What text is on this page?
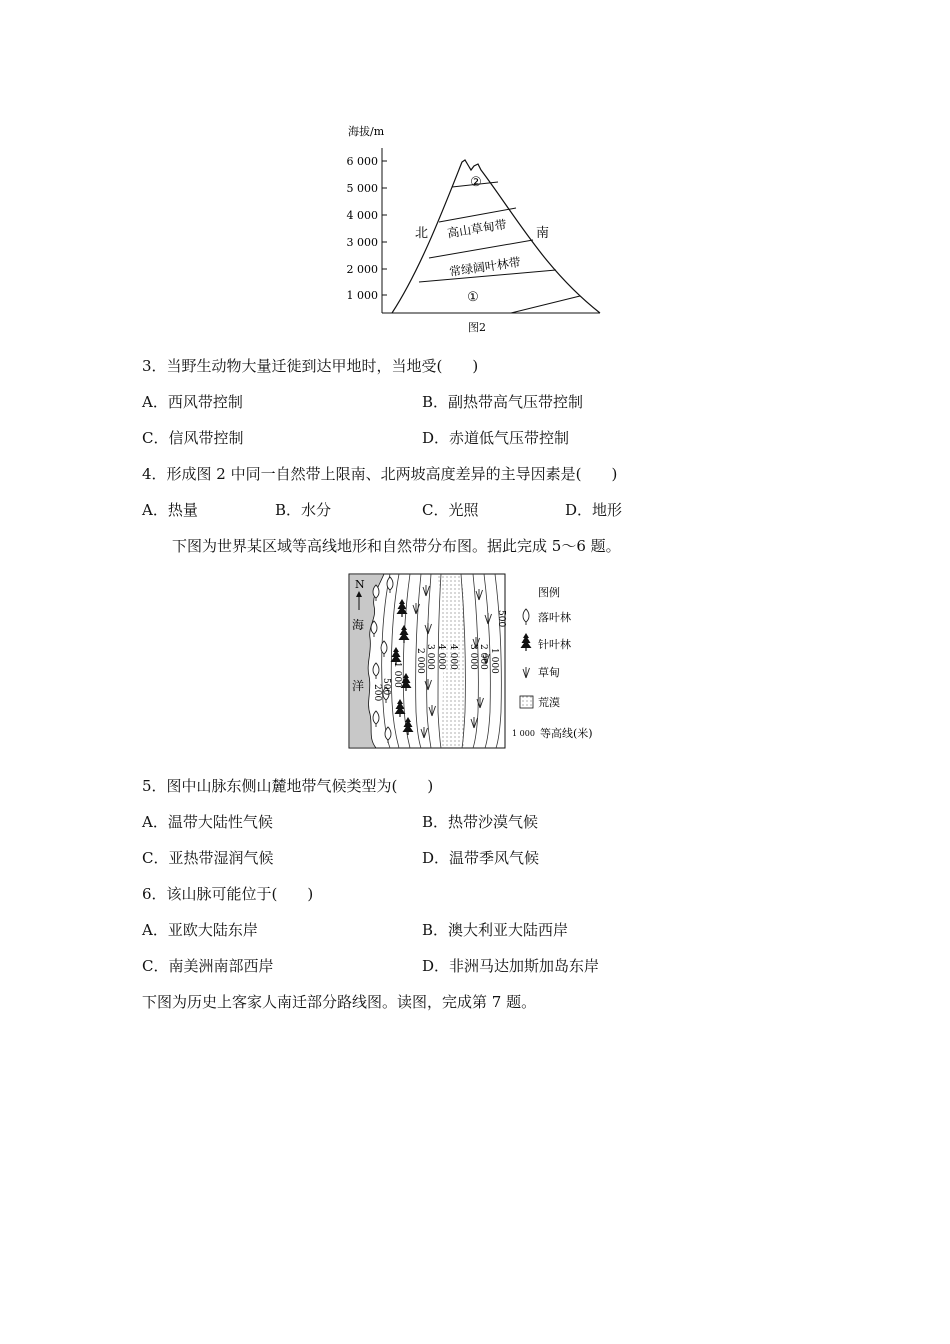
海拔/m
6 000
5 000
4 000
3 000
2 000
1 000
北	南
②
高山草甸带
常绿阔叶林带
①
图2
3．当野生动物大量迁徙到达甲地时，当地受(　　)
A．西风带控制	B．副热带高气压带控制
C．信风带控制	D．赤道低气压带控制
4．形成图 2 中同一自然带上限南、北两坡高度差异的主导因素是(　　)
A．热量	B．水分	C．光照	D．地形
下图为世界某区域等高线地形和自然带分布图。据此完成 5～6 题。
N
海
洋 200 500 1 000
2 000 3 000 4 000 4 000 3 000 2 000 1 000
500
图例
落叶林
针叶林
草甸
荒漠
1 000 等高线(米)
5．图中山脉东侧山麓地带气候类型为(　　)
A．温带大陆性气候	B．热带沙漠气候
C．亚热带湿润气候	D．温带季风气候
6．该山脉可能位于(　　)
A．亚欧大陆东岸	B．澳大利亚大陆西岸
C．南美洲南部西岸	D．非洲马达加斯加岛东岸
下图为历史上客家人南迁部分路线图。读图，完成第 7 题。
